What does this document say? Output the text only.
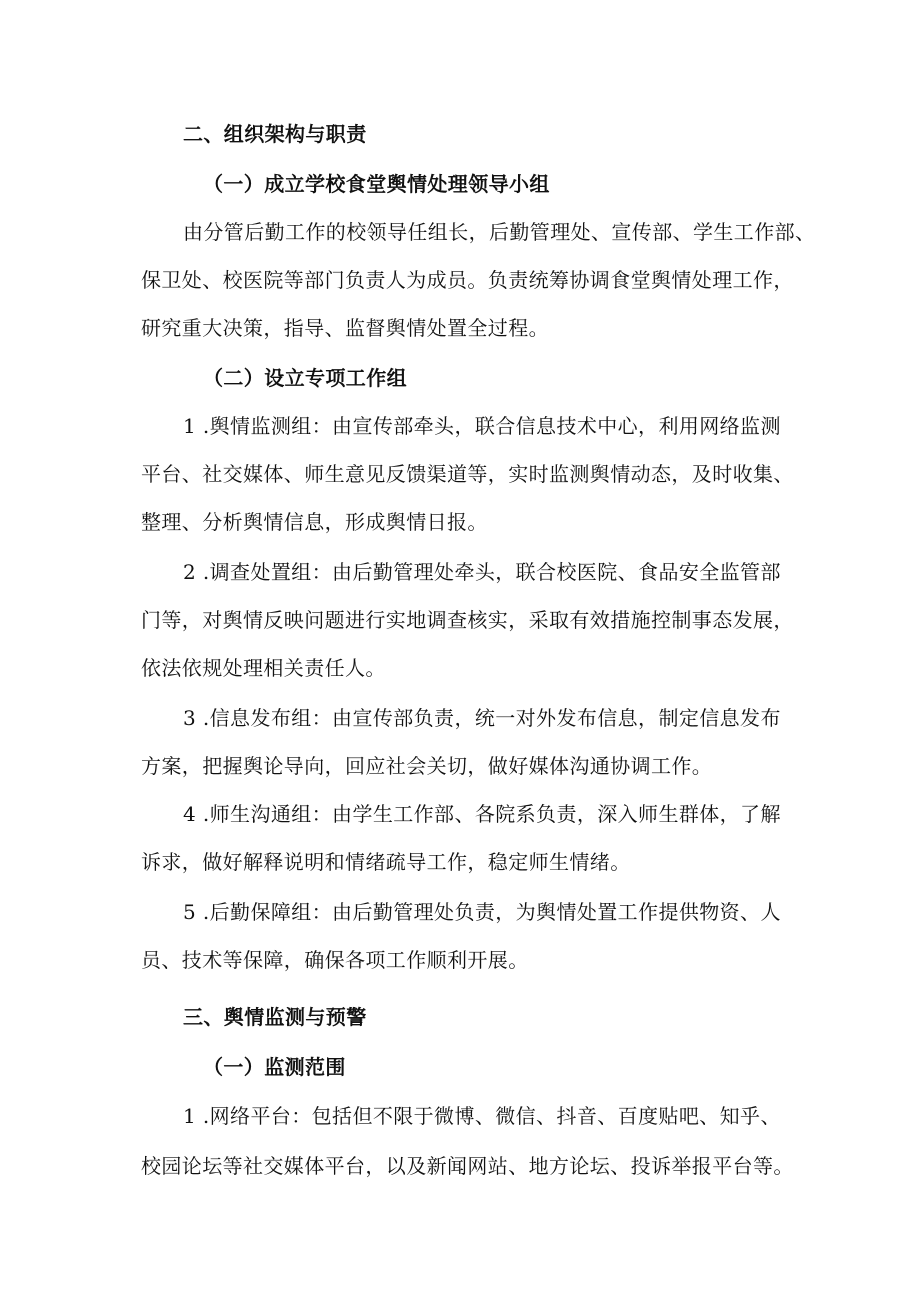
二、组织架构与职责
（一）成立学校食堂舆情处理领导小组
由分管后勤工作的校领导任组长，后勤管理处、宣传部、学生工作部、
保卫处、校医院等部门负责人为成员。负责统筹协调食堂舆情处理工作，
研究重大决策，指导、监督舆情处置全过程。
（二）设立专项工作组
1 .舆情监测组：由宣传部牵头，联合信息技术中心，利用网络监测
平台、社交媒体、师生意见反馈渠道等，实时监测舆情动态，及时收集、
整理、分析舆情信息，形成舆情日报。
2 .调查处置组：由后勤管理处牵头，联合校医院、食品安全监管部
门等，对舆情反映问题进行实地调查核实，采取有效措施控制事态发展，
依法依规处理相关责任人。
3 .信息发布组：由宣传部负责，统一对外发布信息，制定信息发布
方案，把握舆论导向，回应社会关切，做好媒体沟通协调工作。
4 .师生沟通组：由学生工作部、各院系负责，深入师生群体，了解
诉求，做好解释说明和情绪疏导工作，稳定师生情绪。
5 .后勤保障组：由后勤管理处负责，为舆情处置工作提供物资、人
员、技术等保障，确保各项工作顺利开展。
三、舆情监测与预警
（一）监测范围
1 .网络平台：包括但不限于微博、微信、抖音、百度贴吧、知乎、
校园论坛等社交媒体平台，以及新闻网站、地方论坛、投诉举报平台等。
